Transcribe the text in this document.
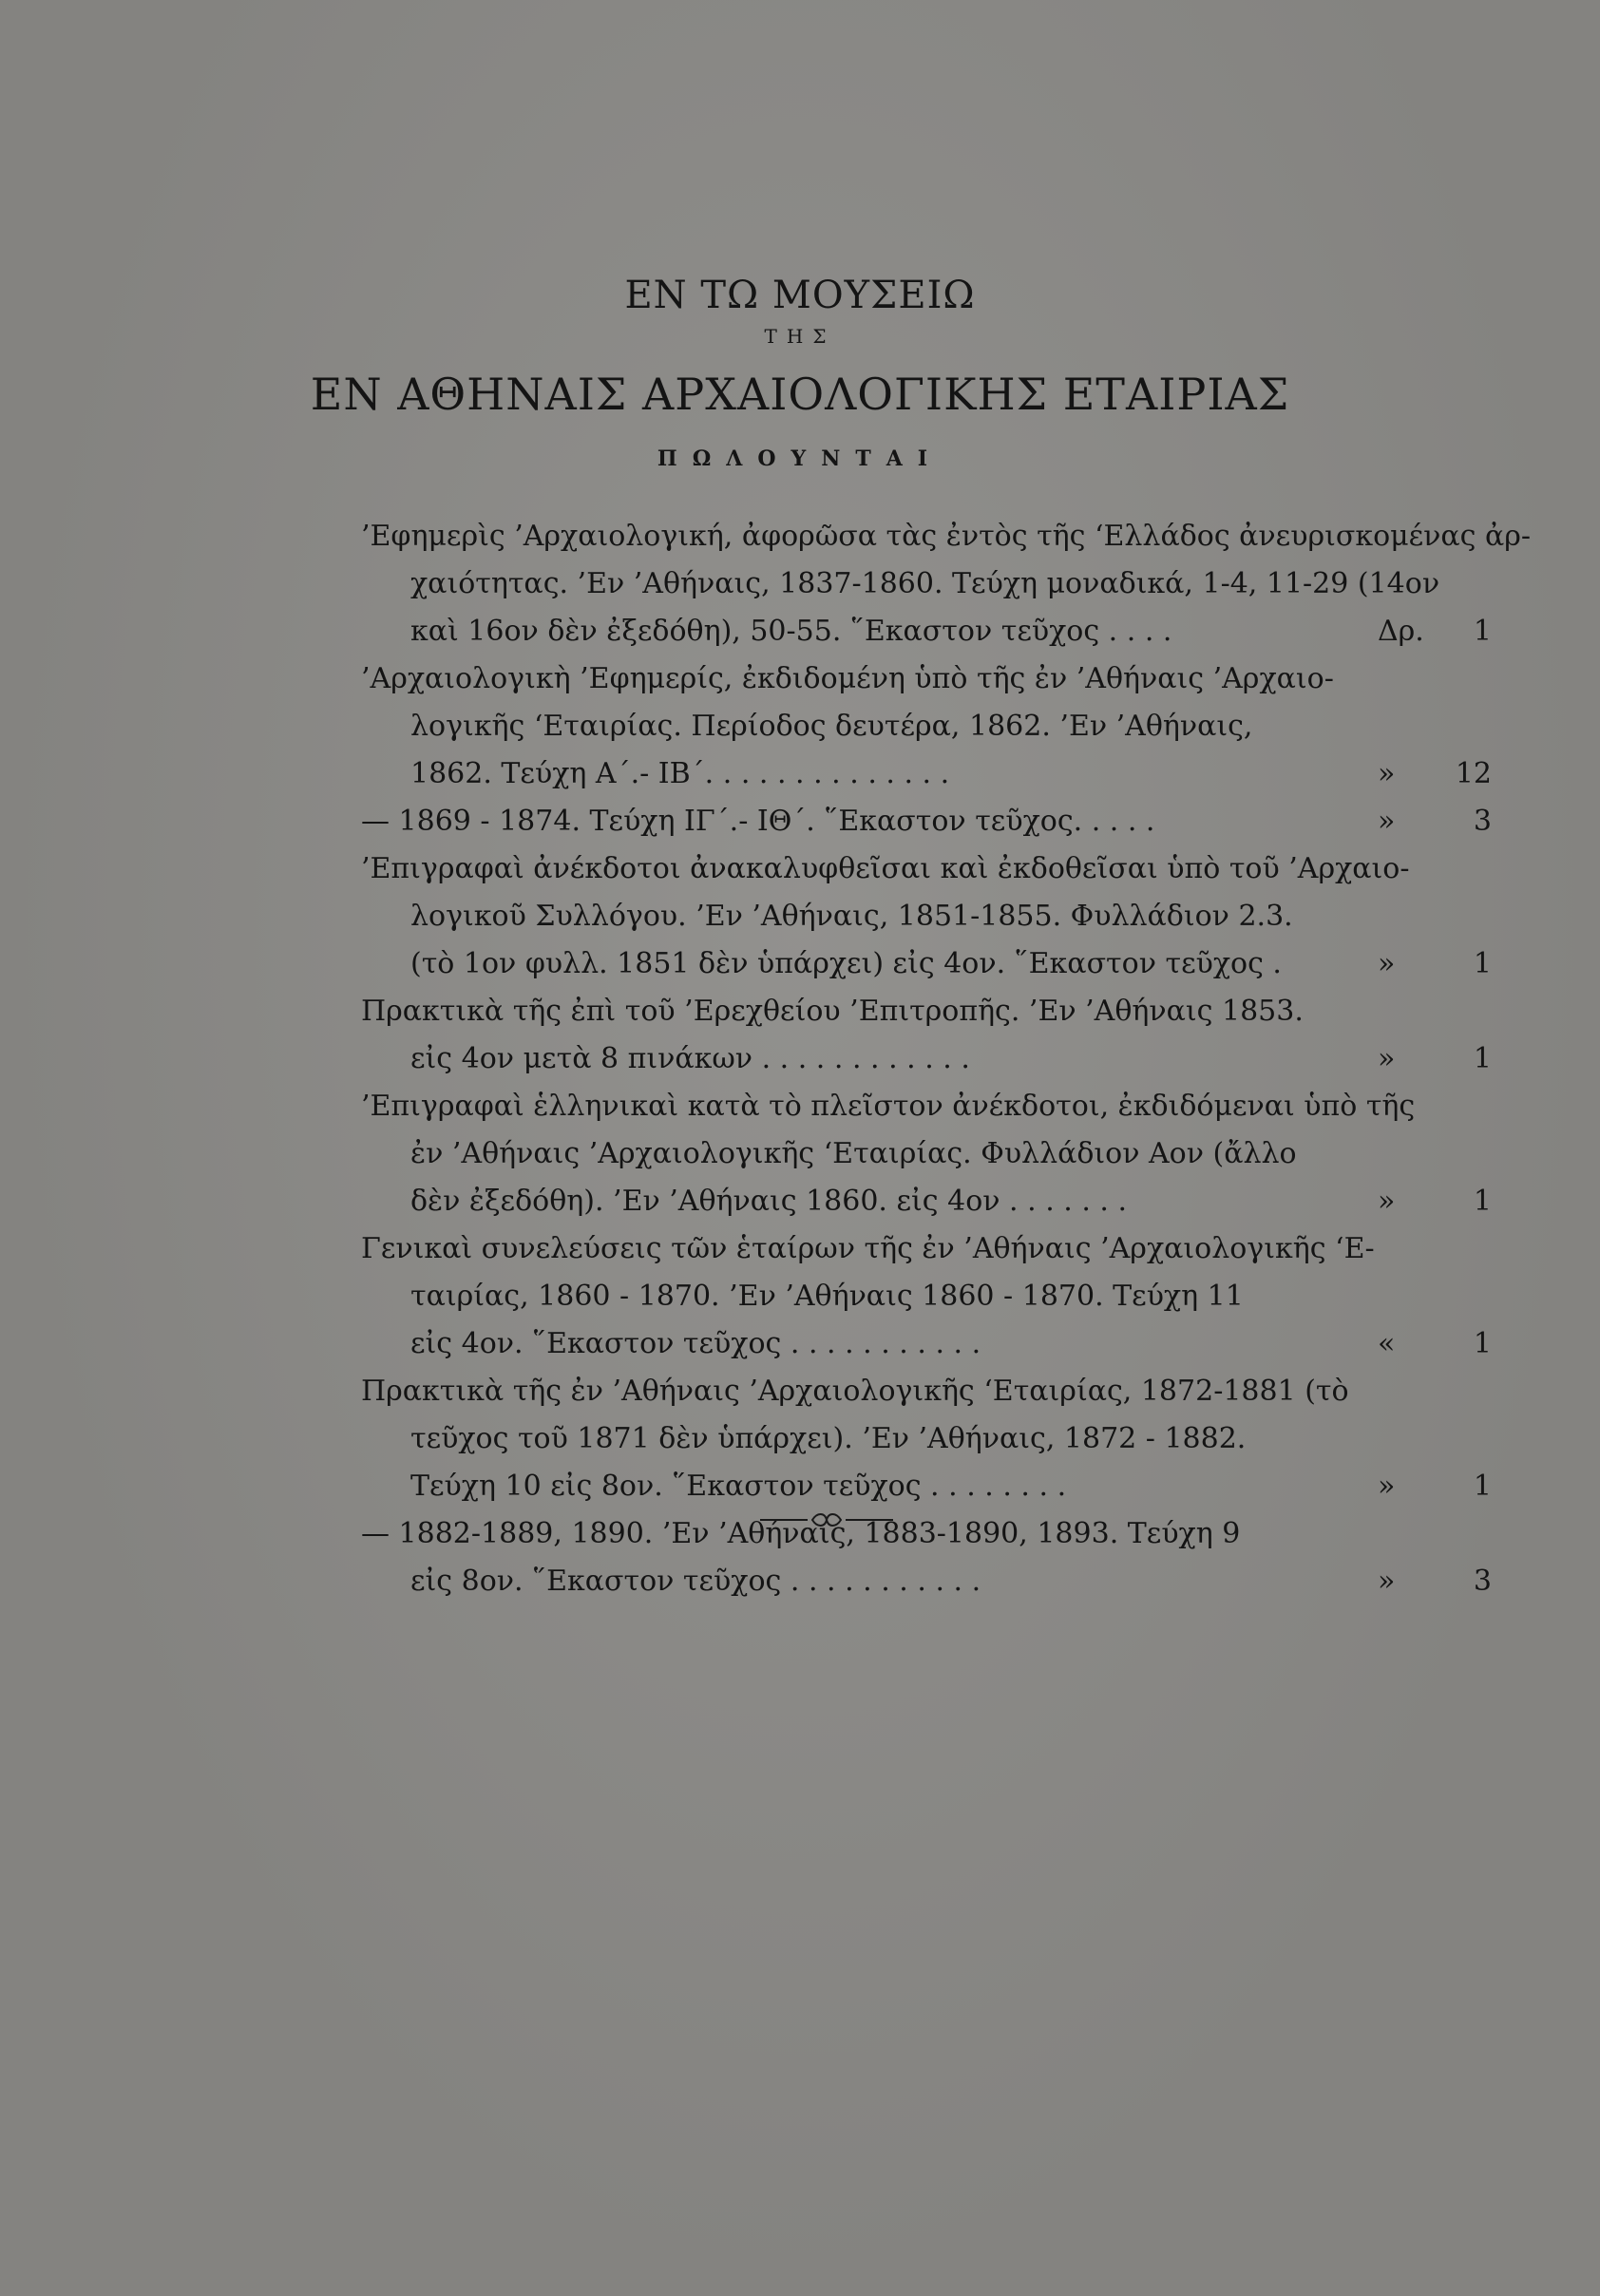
ΕΝ ΤΩ ΜΟΥΣΕΙΩ
ΤΗΣ
ΕΝ ΑΘΗΝΑΙΣ ΑΡΧΑΙΟΛΟΓΙΚΗΣ ΕΤΑΙΡΙΑΣ
ΠΩΛΟΥΝΤΑΙ
’Εφημερὶς ’Αρχαιολογική, ἀφορῶσα τὰς ἐντὸς τῆς ‘Ελλάδος ἀνευρισκομένας ἀρ-
χαιότητας. ’Εν ’Αθήναις, 1837-1860. Τεύχη μοναδικά, 1-4, 11-29 (14ον
καὶ 16ον δὲν ἐξεδόθη), 50-55. ῞Εκαστον τεῦχος . . . .	Δρ. 1
’Αρχαιολογικὴ ’Εφημερίς, ἐκδιδομένη ὑπὸ τῆς ἐν ’Αθήναις ’Αρχαιο-
λογικῆς ‘Εταιρίας. Περίοδος δευτέρα, 1862. ’Εν ’Αθήναις,
1862. Τεύχη Α΄.- ΙΒ΄. . . . . . . . . . . . . .	» 12
— 1869 - 1874. Τεύχη ΙΓ΄.- ΙΘ΄. ῞Εκαστον τεῦχος. . . . .	»	3
’Επιγραφαὶ ἀνέκδοτοι ἀνακαλυφθεῖσαι καὶ ἐκδοθεῖσαι ὑπὸ τοῦ ’Αρχαιο-
λογικοῦ Συλλόγου. ’Εν ’Αθήναις, 1851-1855. Φυλλάδιον 2.3.
(τὸ 1ον φυλλ. 1851 δὲν ὑπάρχει) εἰς 4ον. ῞Εκαστον τεῦχος .	»	1
Πρακτικὰ τῆς ἐπὶ τοῦ ’Ερεχθείου ’Επιτροπῆς. ’Εν ’Αθήναις 1853.
εἰς 4ον μετὰ 8 πινάκων . . . . . . . . . . . .	»	1
’Επιγραφαὶ ἑλληνικαὶ κατὰ τὸ πλεῖστον ἀνέκδοτοι, ἐκδιδόμεναι ὑπὸ τῆς
ἐν ’Αθήναις ’Αρχαιολογικῆς ‘Εταιρίας. Φυλλάδιον Αον (ἄλλο
δὲν ἐξεδόθη). ’Εν ’Αθήναις 1860. εἰς 4ον . . . . . . .	»	1
Γενικαὶ συνελεύσεις τῶν ἑταίρων τῆς ἐν ’Αθήναις ’Αρχαιολογικῆς ‘Ε-
ταιρίας, 1860 - 1870. ’Εν ’Αθήναις 1860 - 1870. Τεύχη 11
εἰς 4ον. ῞Εκαστον τεῦχος . . . . . . . . . . .	«	1
Πρακτικὰ τῆς ἐν ’Αθήναις ’Αρχαιολογικῆς ‘Εταιρίας, 1872-1881 (τὸ
τεῦχος τοῦ 1871 δὲν ὑπάρχει). ’Εν ’Αθήναις, 1872 - 1882.
Τεύχη 10 εἰς 8ον. ῞Εκαστον τεῦχος . . . . . . . .	»	1
— 1882-1889, 1890. ’Εν ’Αθήναις, 1883-1890, 1893. Τεύχη 9
εἰς 8ον. ῞Εκαστον τεῦχος . . . . . . . . . . .	»	3
